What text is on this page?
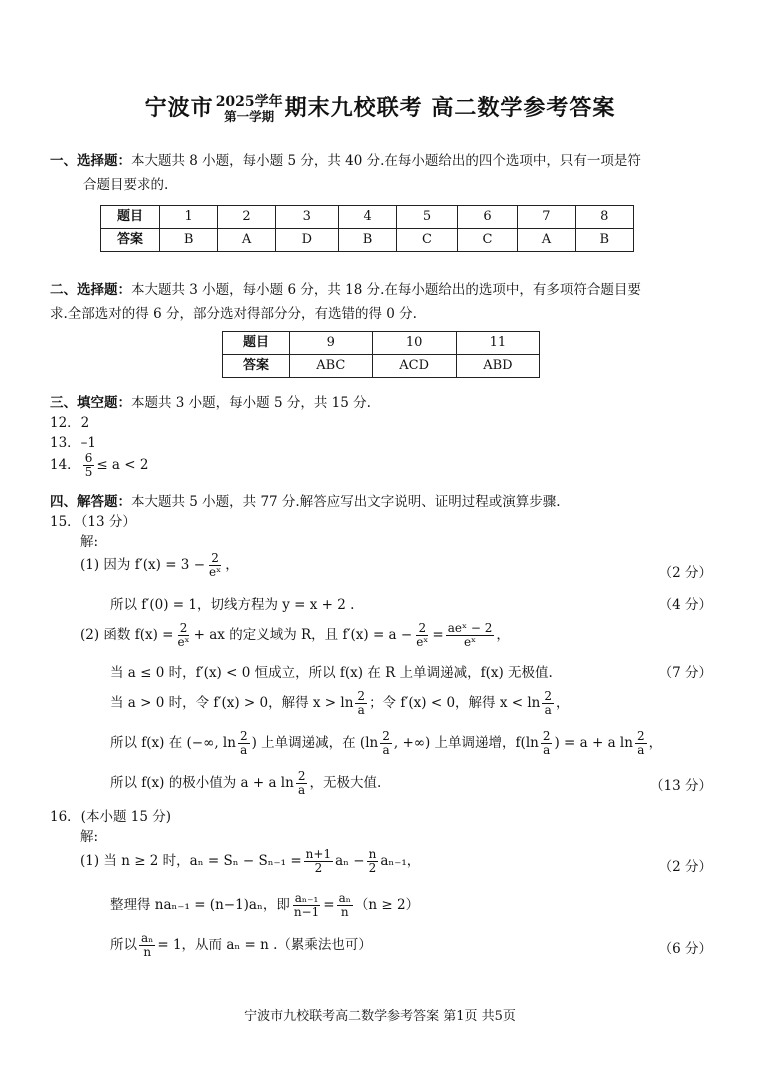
宁波市 2025学年
第一学期 期末九校联考 高二数学参考答案
一、选择题：本大题共 8 小题，每小题 5 分，共 40 分.在每小题给出的四个选项中，只有一项是符
合题目要求的.
题目	1	2	3	4	5	6	7	8
答案	B	A	D	B	C	C	A	B
二、选择题：本大题共 3 小题，每小题 6 分，共 18 分.在每小题给出的选项中，有多项符合题目要
求.全部选对的得 6 分，部分选对得部分分，有选错的得 0 分.
题目	9	10	11
答案	ABC	ACD	ABD
三、填空题：本题共 3 小题，每小题 5 分，共 15 分.
12．2
13．–1
14． $\frac{6}{5} \le a < 2$
四、解答题：本大题共 5 小题，共 77 分.解答应写出文字说明、证明过程或演算步骤.
15．（13 分）
解:
(1) 因为 $f'(x) = 3 - \frac{2}{\text{eˣ}}$ ，	（2 分）
所以 f′(0) = 1，切线方程为 y = x + 2 .	（4 分）
(2) 函数 $f(x) = \frac{2}{\text{eˣ}}$ + ax 的定义域为 R，且 $f'(x) = a - \frac{2}{\text{eˣ}} = \frac{\text{aeˣ − 2}}{\text{eˣ}}$ ，
当 a ≤ 0 时，f′(x) < 0 恒成立，所以 f(x) 在 R 上单调递减，f(x) 无极值.	（7 分）
当 a > 0 时，令 f′(x) > 0，解得 $x > \ln \frac{2}{a}$ ；令 f′(x) < 0，解得 $x < \ln \frac{2}{a}$ ，
所以 f(x) 在 (−∞, $\ln \frac{2}{a}$ ) 上单调递减，在 ($\ln \frac{2}{a}$ , +∞) 上单调递增，$f(\ln \frac{2}{a}$ ) = a + a $\ln \frac{2}{a}$ ，
所以 f(x) 的极小值为 a + a $\ln \frac{2}{a}$ ，无极大值.	（13 分）
16．(本小题 15 分)
解:
(1) 当 n ≥ 2 时，$a_n = S_n - S_{n-1} = \frac{n+1}{2}$ $a_n - \frac{n}{2} a_{n-1}$，	（2 分）
整理得 naₙ₋₁ = (n−1)aₙ，即 $\frac{\text{aₙ₋₁}}{n-1} = \frac{\text{aₙ}}{n} (n \ge 2)$
所以 $\frac{\text{aₙ}}{n} = 1$，从而 aₙ = n .（累乘法也可）	（6 分）
宁波市九校联考高二数学参考答案 第1页 共5页
